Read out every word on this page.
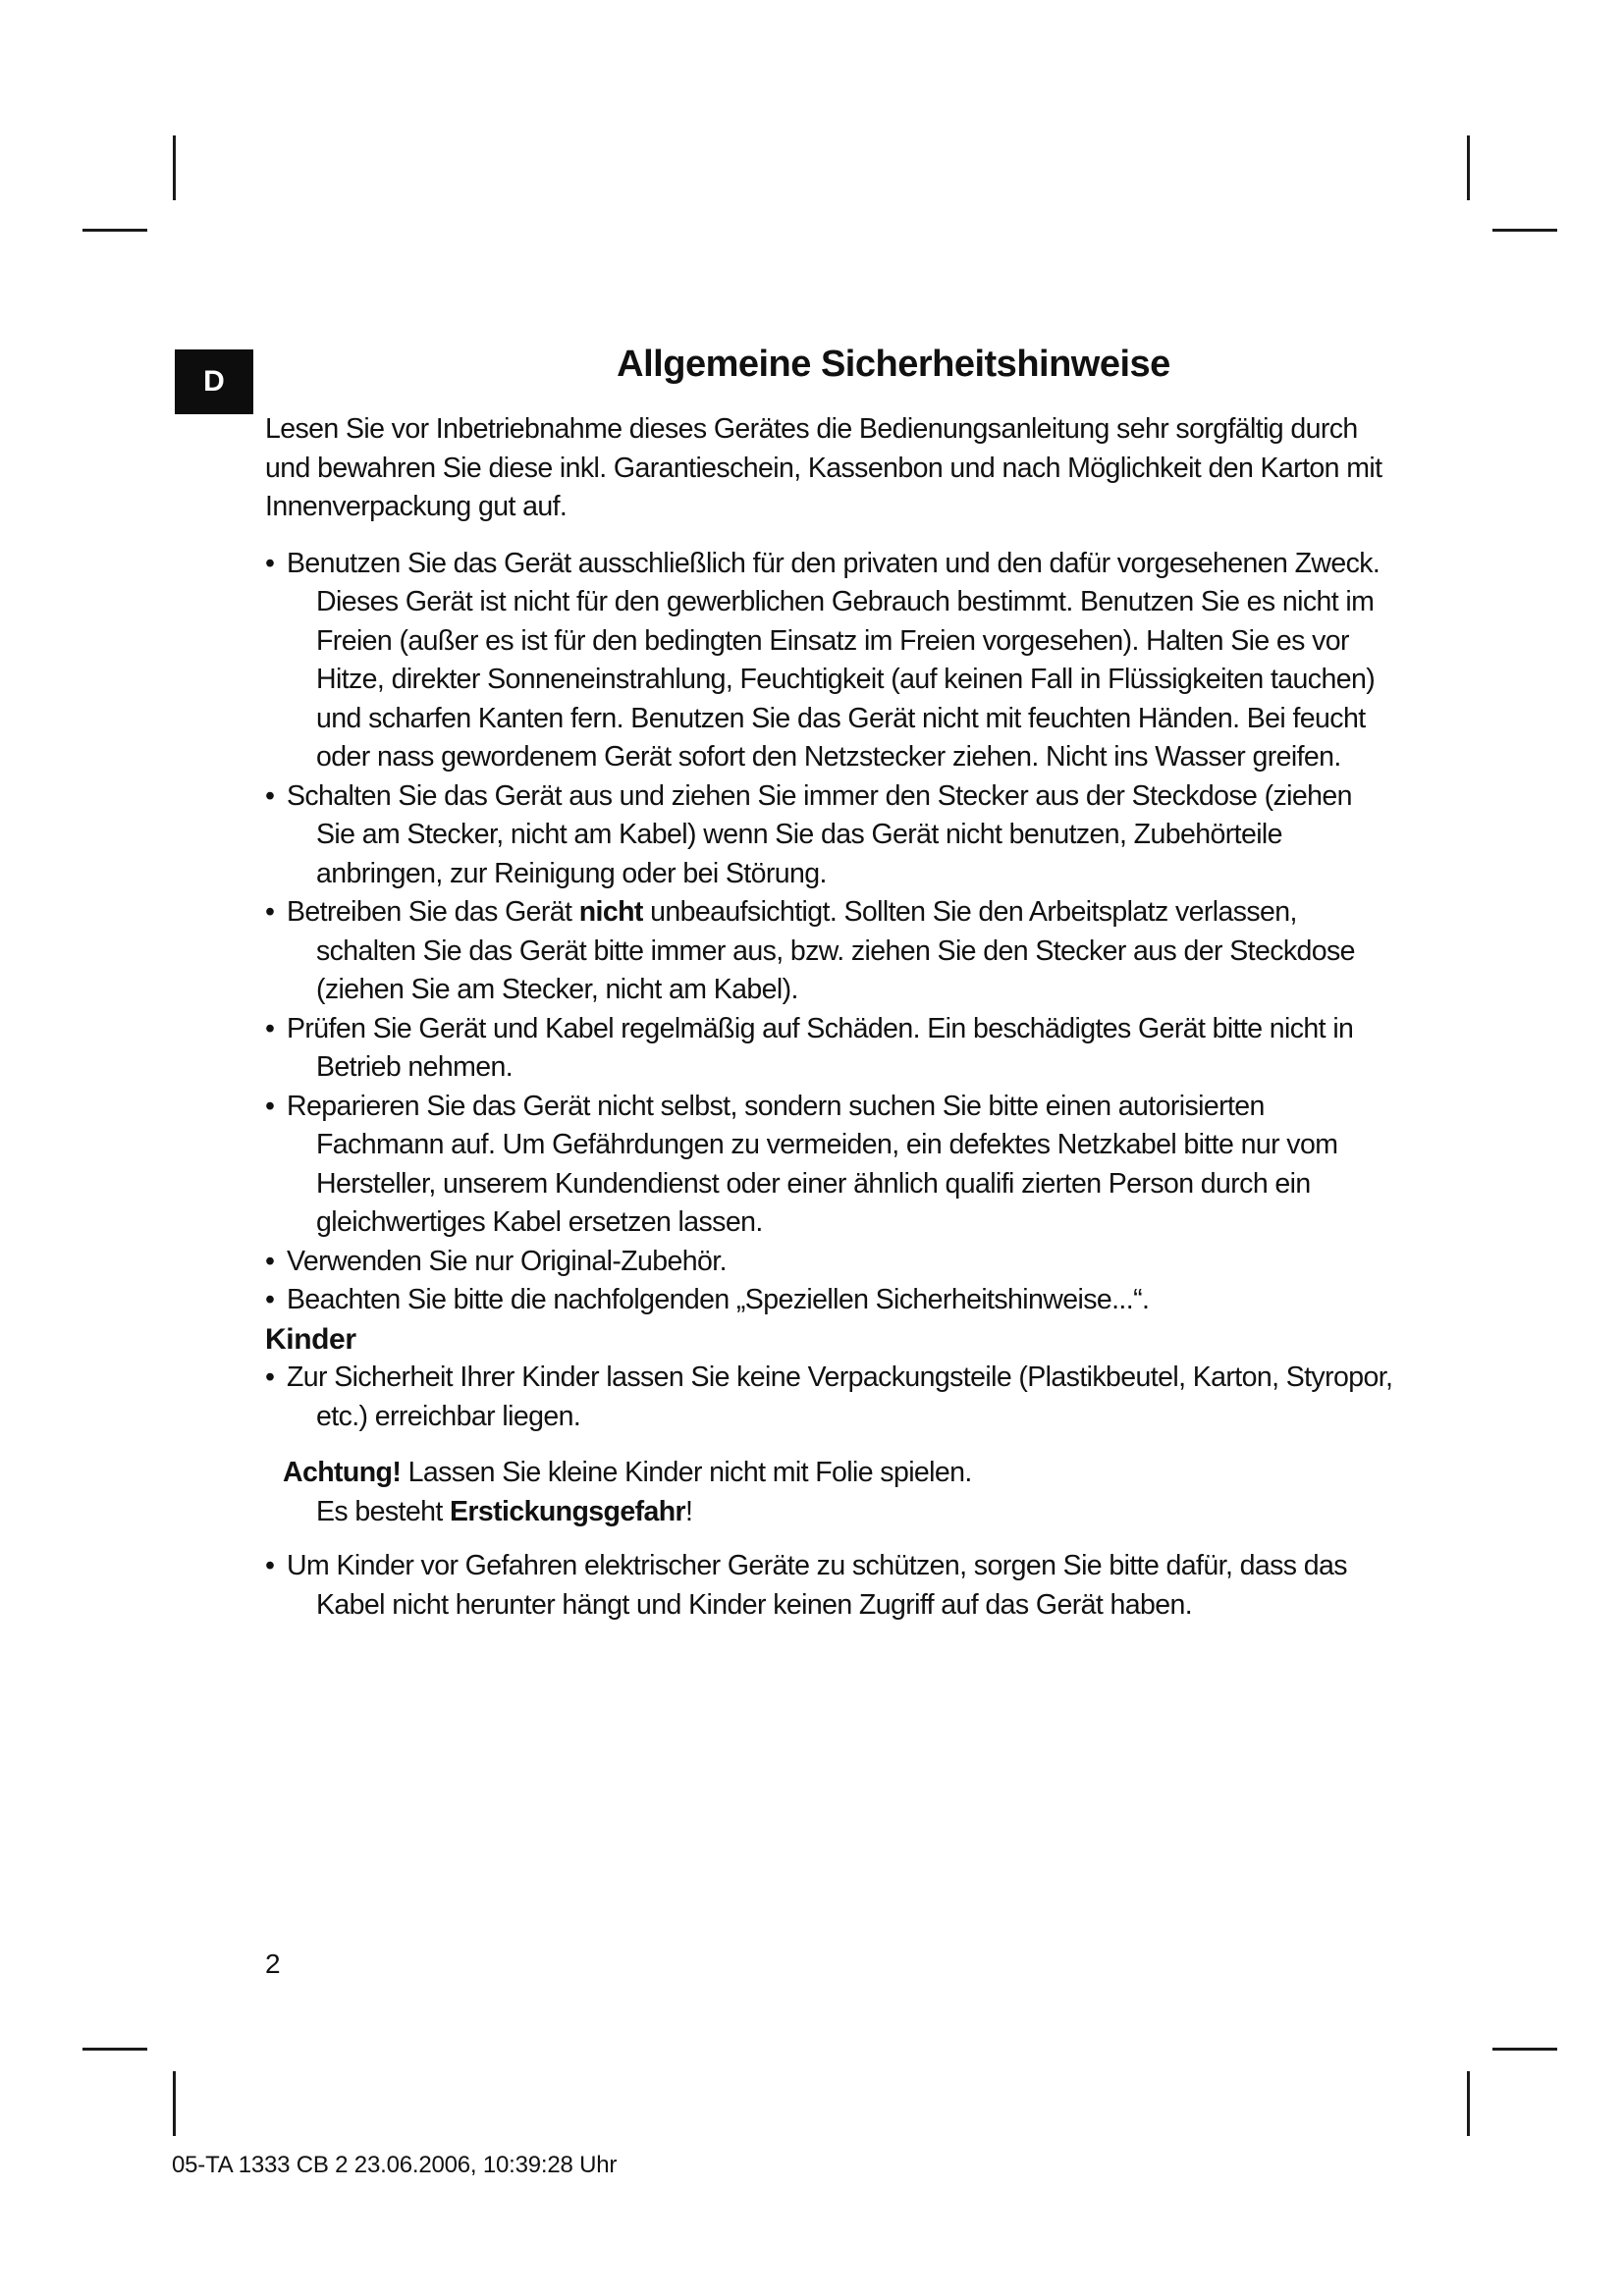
D	Allgemeine Sicherheitshinweise

Lesen Sie vor Inbetriebnahme dieses Gerätes die Bedienungsanleitung sehr sorgfältig durch und bewahren Sie diese inkl. Garantieschein, Kassenbon und nach Möglichkeit den Karton mit Innenverpackung gut auf.

• Benutzen Sie das Gerät ausschließlich für den privaten und den dafür vorgesehenen Zweck. Dieses Gerät ist nicht für den gewerblichen Gebrauch bestimmt. Benutzen Sie es nicht im Freien (außer es ist für den bedingten Einsatz im Freien vorgesehen). Halten Sie es vor Hitze, direkter Sonneneinstrahlung, Feuchtigkeit (auf keinen Fall in Flüssigkeiten tauchen) und scharfen Kanten fern. Benutzen Sie das Gerät nicht mit feuchten Händen. Bei feucht oder nass gewordenem Gerät sofort den Netzstecker ziehen. Nicht ins Wasser greifen.
• Schalten Sie das Gerät aus und ziehen Sie immer den Stecker aus der Steckdose (ziehen Sie am Stecker, nicht am Kabel) wenn Sie das Gerät nicht benutzen, Zubehörteile anbringen, zur Reinigung oder bei Störung.
• Betreiben Sie das Gerät nicht unbeaufsichtigt. Sollten Sie den Arbeitsplatz verlassen, schalten Sie das Gerät bitte immer aus, bzw. ziehen Sie den Stecker aus der Steckdose (ziehen Sie am Stecker, nicht am Kabel).
• Prüfen Sie Gerät und Kabel regelmäßig auf Schäden. Ein beschädigtes Gerät bitte nicht in Betrieb nehmen.
• Reparieren Sie das Gerät nicht selbst, sondern suchen Sie bitte einen autorisierten Fachmann auf. Um Gefährdungen zu vermeiden, ein defektes Netzkabel bitte nur vom Hersteller, unserem Kundendienst oder einer ähnlich qualifi zierten Person durch ein gleichwertiges Kabel ersetzen lassen.
• Verwenden Sie nur Original-Zubehör.
• Beachten Sie bitte die nachfolgenden „Speziellen Sicherheitshinweise...“.

Kinder

• Zur Sicherheit Ihrer Kinder lassen Sie keine Verpackungsteile (Plastikbeutel, Karton, Styropor, etc.) erreichbar liegen.
Achtung! Lassen Sie kleine Kinder nicht mit Folie spielen.
Es besteht Erstickungsgefahr!
• Um Kinder vor Gefahren elektrischer Geräte zu schützen, sorgen Sie bitte dafür, dass das Kabel nicht herunter hängt und Kinder keinen Zugriff auf das Gerät haben.
2
05-TA 1333 CB 2 23.06.2006, 10:39:28 Uhr
